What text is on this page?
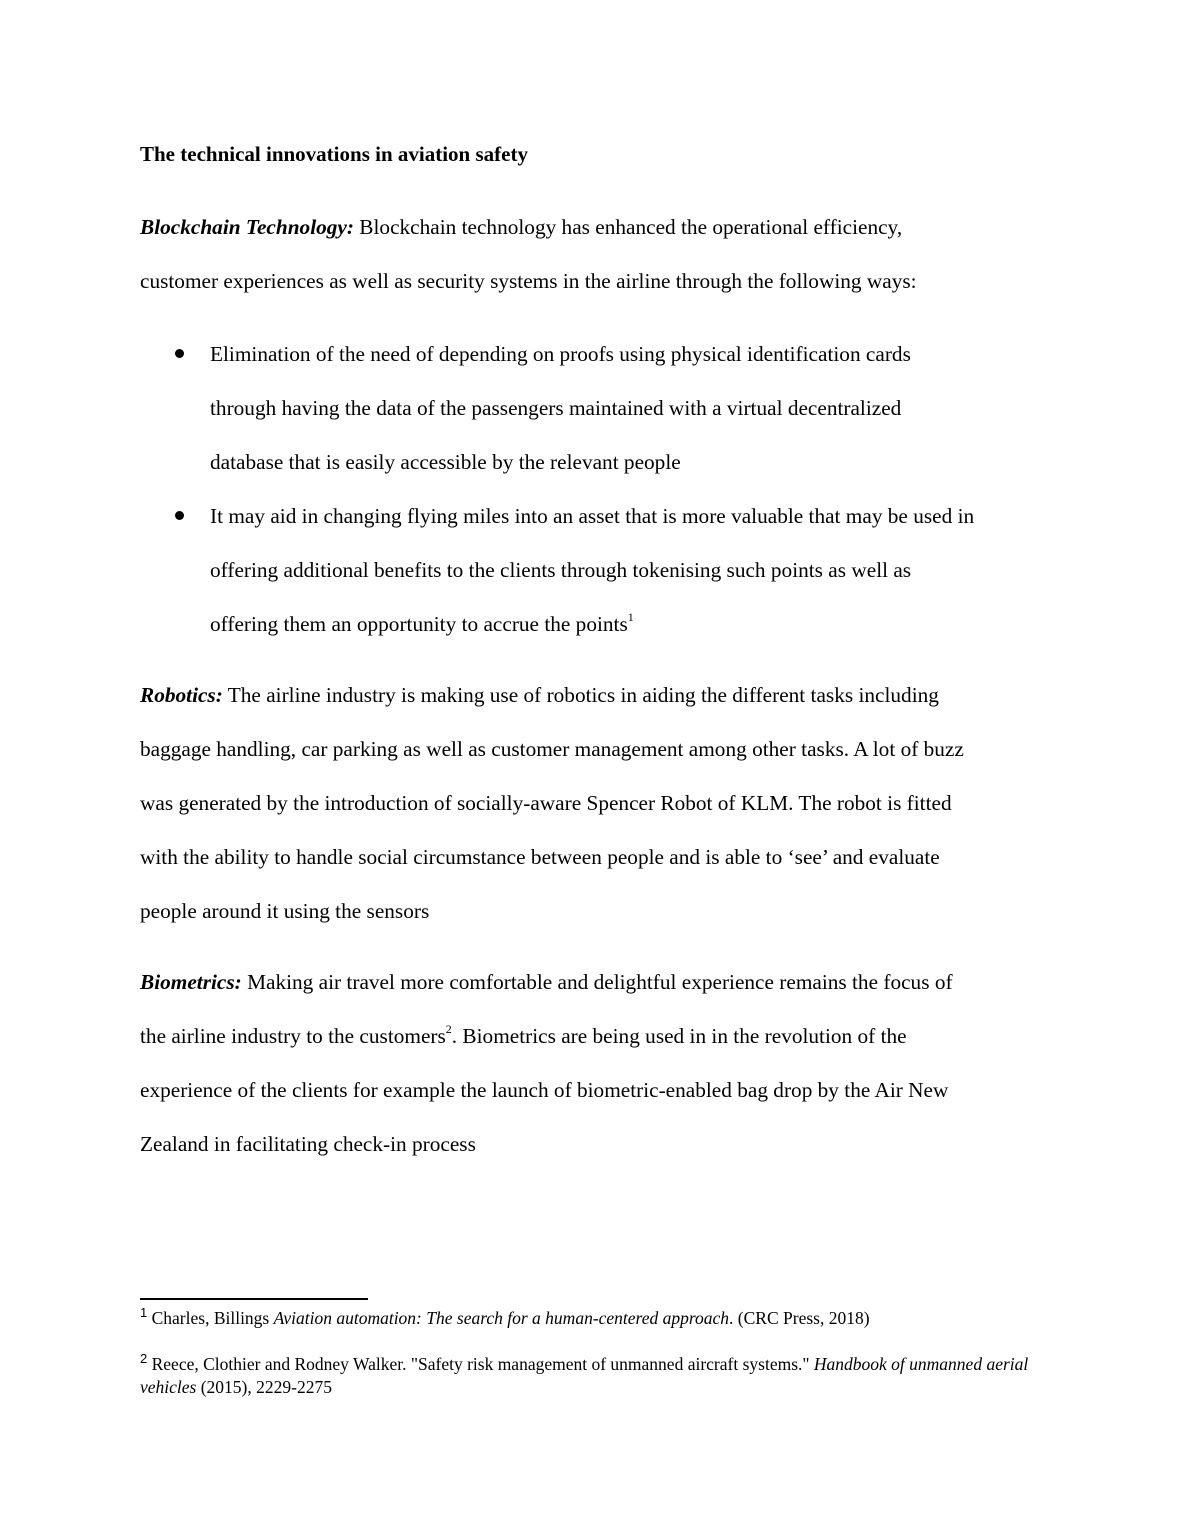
The technical innovations in aviation safety

Blockchain Technology: Blockchain technology has enhanced the operational efficiency,
customer experiences as well as security systems in the airline through the following ways:

Elimination of the need of depending on proofs using physical identification cards
through having the data of the passengers maintained with a virtual decentralized
database that is easily accessible by the relevant people
It may aid in changing flying miles into an asset that is more valuable that may be used in
offering additional benefits to the clients through tokenising such points as well as
offering them an opportunity to accrue the points$^1$

Robotics: The airline industry is making use of robotics in aiding the different tasks including
baggage handling, car parking as well as customer management among other tasks. A lot of buzz
was generated by the introduction of socially-aware Spencer Robot of KLM. The robot is fitted
with the ability to handle social circumstance between people and is able to ‘see’ and evaluate
people around it using the sensors

Biometrics: Making air travel more comfortable and delightful experience remains the focus of
the airline industry to the customers$^2$. Biometrics are being used in in the revolution of the
experience of the clients for example the launch of biometric-enabled bag drop by the Air New
Zealand in facilitating check-in process

$^1$ Charles, Billings Aviation automation: The search for a human-centered approach. (CRC Press, 2018)

$^2$ Reece, Clothier and Rodney Walker. "Safety risk management of unmanned aircraft systems." Handbook of unmanned aerial vehicles (2015), 2229-2275
